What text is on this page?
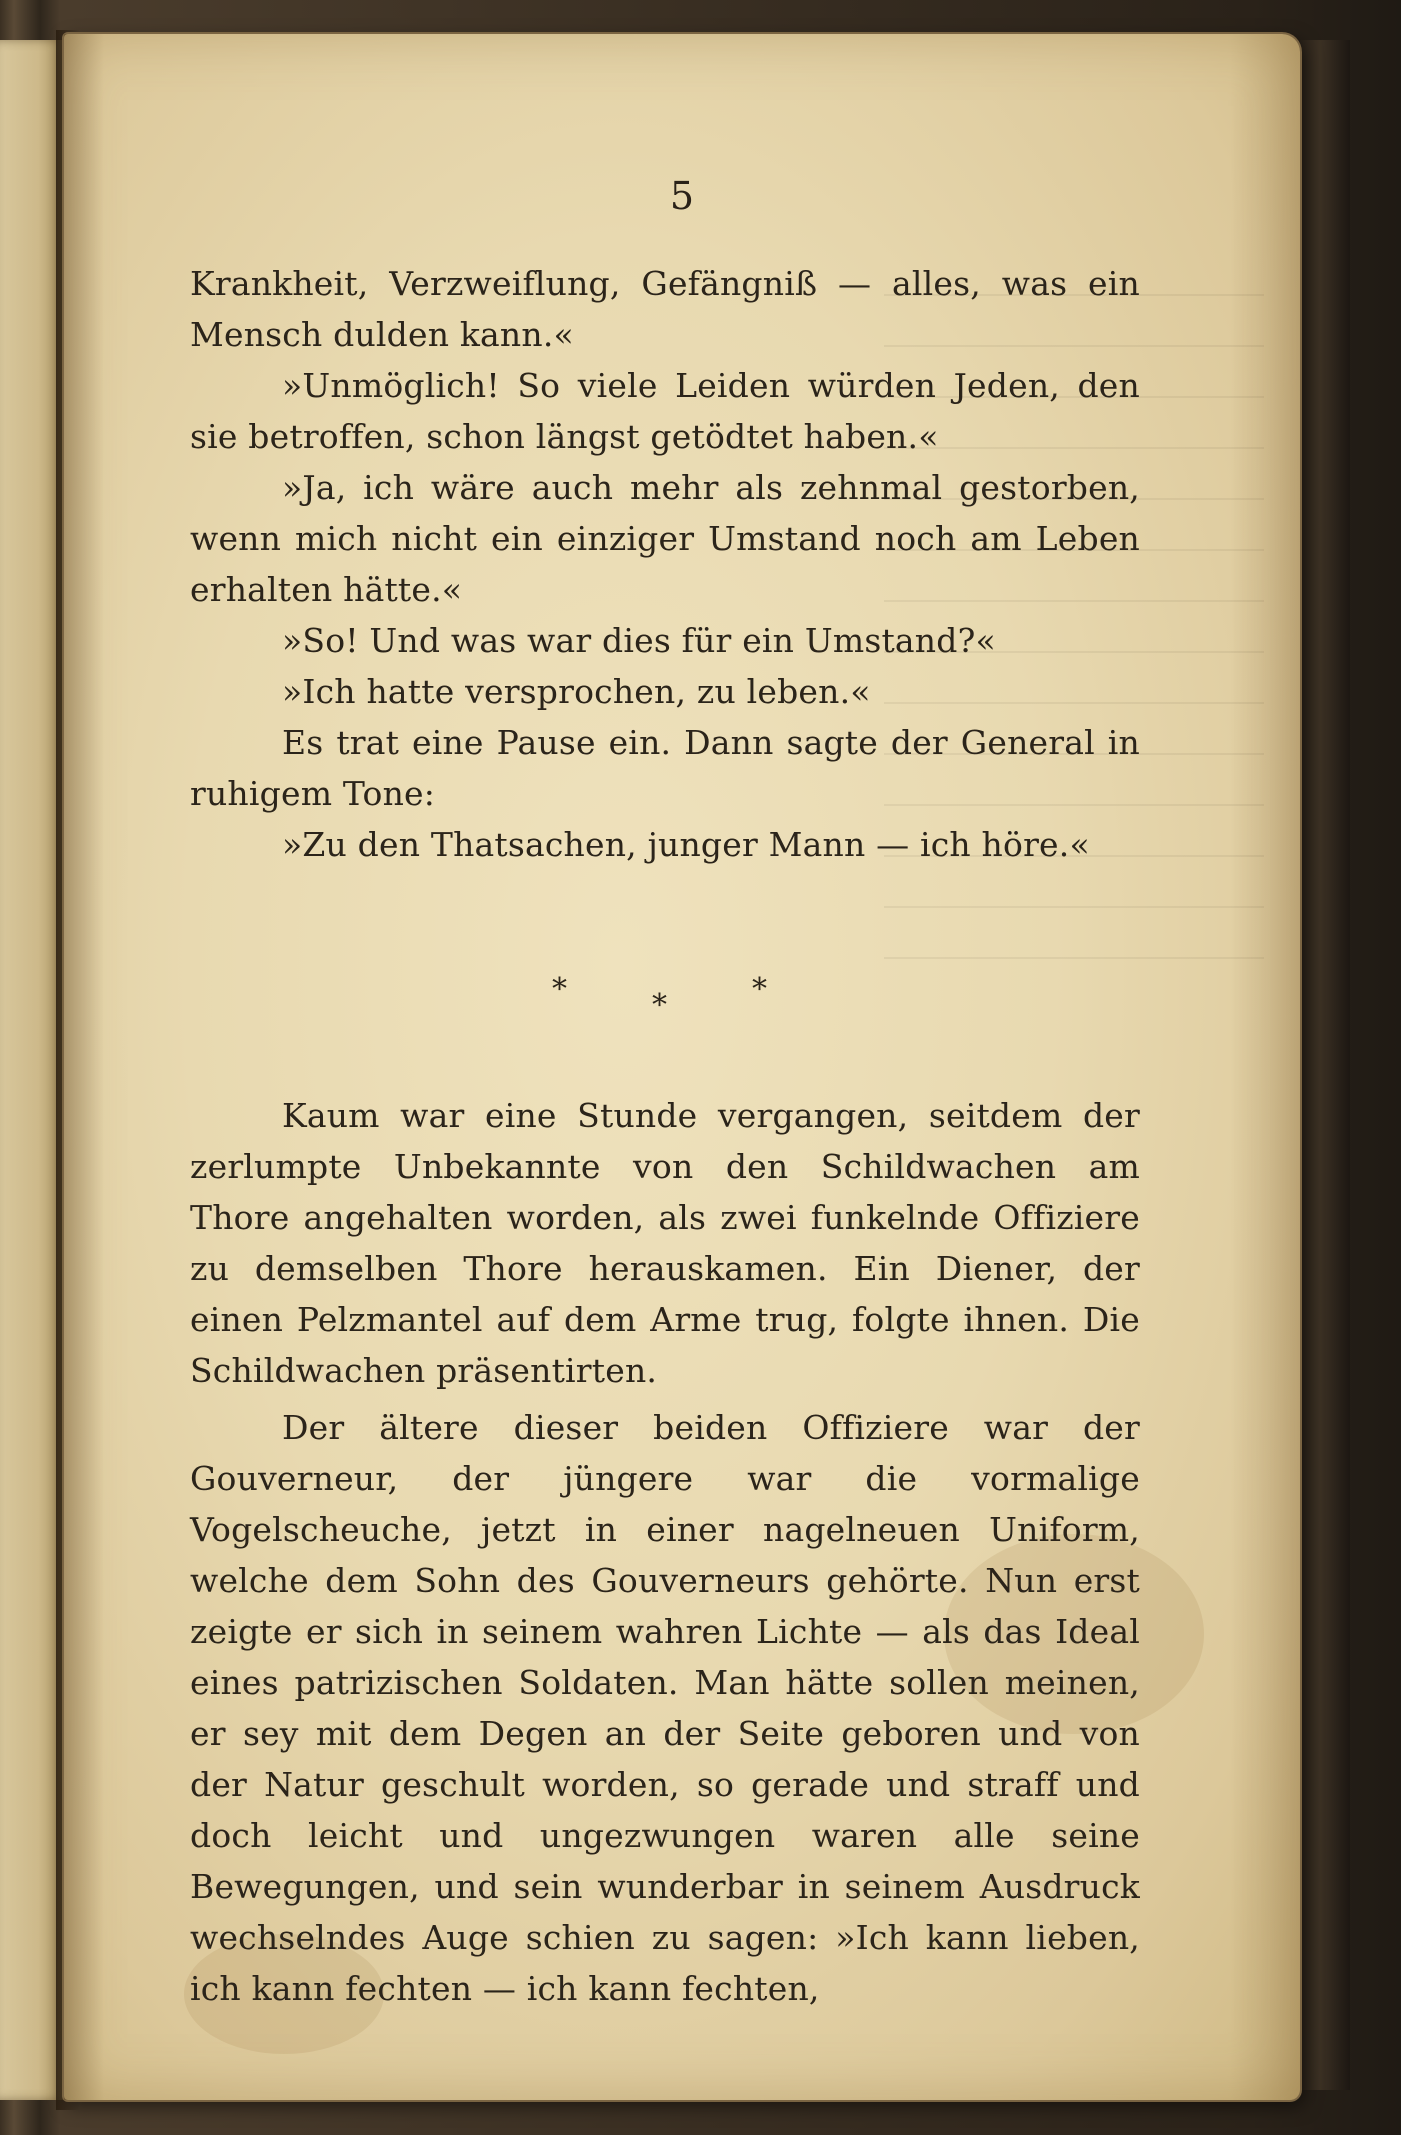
5

Krankheit, Verzweiflung, Gefängniß — alles, was ein Mensch dulden kann.«

»Unmöglich! So viele Leiden würden Jeden, den sie betroffen, schon längst getödtet haben.«

»Ja, ich wäre auch mehr als zehnmal gestorben, wenn mich nicht ein einziger Umstand noch am Leben erhalten hätte.«

»So! Und was war dies für ein Umstand?«

»Ich hatte versprochen, zu leben.«

Es trat eine Pause ein. Dann sagte der General in ruhigem Tone:

»Zu den Thatsachen, junger Mann — ich höre.«

*	*	*

Kaum war eine Stunde vergangen, seitdem der zerlumpte Unbekannte von den Schildwachen am Thore angehalten worden, als zwei funkelnde Offiziere zu demselben Thore herauskamen. Ein Diener, der einen Pelzmantel auf dem Arme trug, folgte ihnen. Die Schildwachen präsentirten.

Der ältere dieser beiden Offiziere war der Gouverneur, der jüngere war die vormalige Vogelscheuche, jetzt in einer nagelneuen Uniform, welche dem Sohn des Gouverneurs gehörte. Nun erst zeigte er sich in seinem wahren Lichte — als das Ideal eines patrizischen Soldaten. Man hätte sollen meinen, er sey mit dem Degen an der Seite geboren und von der Natur geschult worden, so gerade und straff und doch leicht und ungezwungen waren alle seine Bewegungen, und sein wunderbar in seinem Ausdruck wechselndes Auge schien zu sagen: »Ich kann lieben, ich kann fechten — ich kann fechten,
